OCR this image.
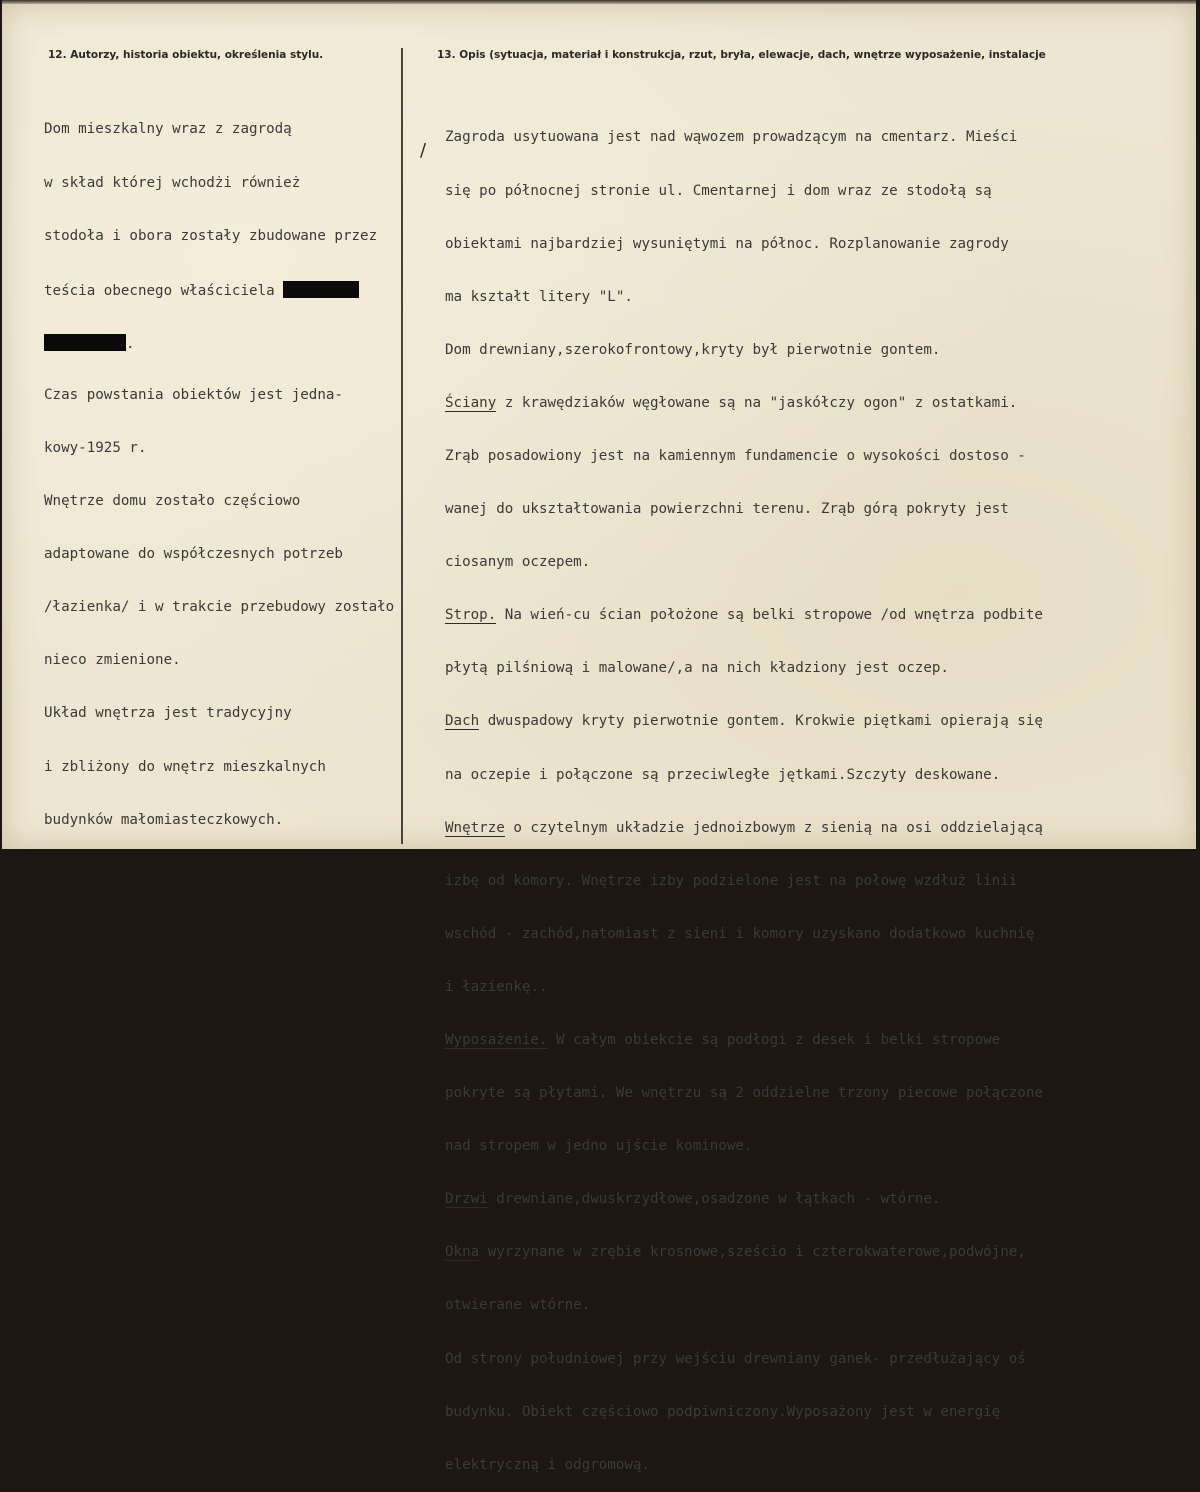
12. Autorzy, historia obiektu, określenia stylu.	13. Opis (sytuacja, materiał i konstrukcja, rzut, bryła, elewacje, dach, wnętrze wyposażenie, instalacje

Dom mieszkalny wraz z zagrodą

w skład której wchodżi również

stodoła i obora zostały zbudowane przez

teścia obecnego właściciela

.

Czas powstania obiektów jest jedna-

kowy-1925 r.

Wnętrze domu zostało częściowo

adaptowane do współczesnych potrzeb

/łazienka/ i w trakcie przebudowy zostało

nieco zmienione.

Układ wnętrza jest tradycyjny

i zbliżony do wnętrz mieszkalnych

budynków małomiasteczkowych.

/

Zagroda usytuowana jest nad wąwozem prowadzącym na cmentarz. Mieści

się po północnej stronie ul. Cmentarnej i dom wraz ze stodołą są

obiektami najbardziej wysuniętymi na północ. Rozplanowanie zagrody

ma kształt litery "L".

Dom drewniany,szerokofrontowy,kryty był pierwotnie gontem.

Ściany z krawędziaków węgłowane są na "jaskółczy ogon" z ostatkami.

Zrąb posadowiony jest na kamiennym fundamencie o wysokości dostoso -

wanej do ukształtowania powierzchni terenu. Zrąb górą pokryty jest

ciosanym oczepem.

Strop. Na wień-cu ścian położone są belki stropowe /od wnętrza podbite

płytą pilśniową i malowane/,a na nich kładziony jest oczep.

Dach dwuspadowy kryty pierwotnie gontem. Krokwie piętkami opierają się

na oczepie i połączone są przeciwległe jętkami.Szczyty deskowane.

Wnętrze o czytelnym układzie jednoizbowym z sienią na osi oddzielającą

izbę od komory. Wnętrze izby podzielone jest na połowę wzdłuż linii

wschód - zachód,natomiast z sieni i komory uzyskano dodatkowo kuchnię

i łazienkę..

Wyposażenie. W całym obiekcie są podłogi z desek i belki stropowe

pokryte są płytami. We wnętrzu są 2 oddzielne trzony piecowe połączone

nad stropem w jedno ujście kominowe.

Drzwi drewniane,dwuskrzydłowe,osadzone w łątkach - wtórne.

Okna wyrzynane w zrębie krosnowe,sześcio i czterokwaterowe,podwójne,

otwierane wtórne.

Od strony południowej przy wejściu drewniany ganek- przedłużający oś

budynku. Obiekt częściowo podpiwniczony.Wyposażony jest w energię

elektryczną i odgromową.
